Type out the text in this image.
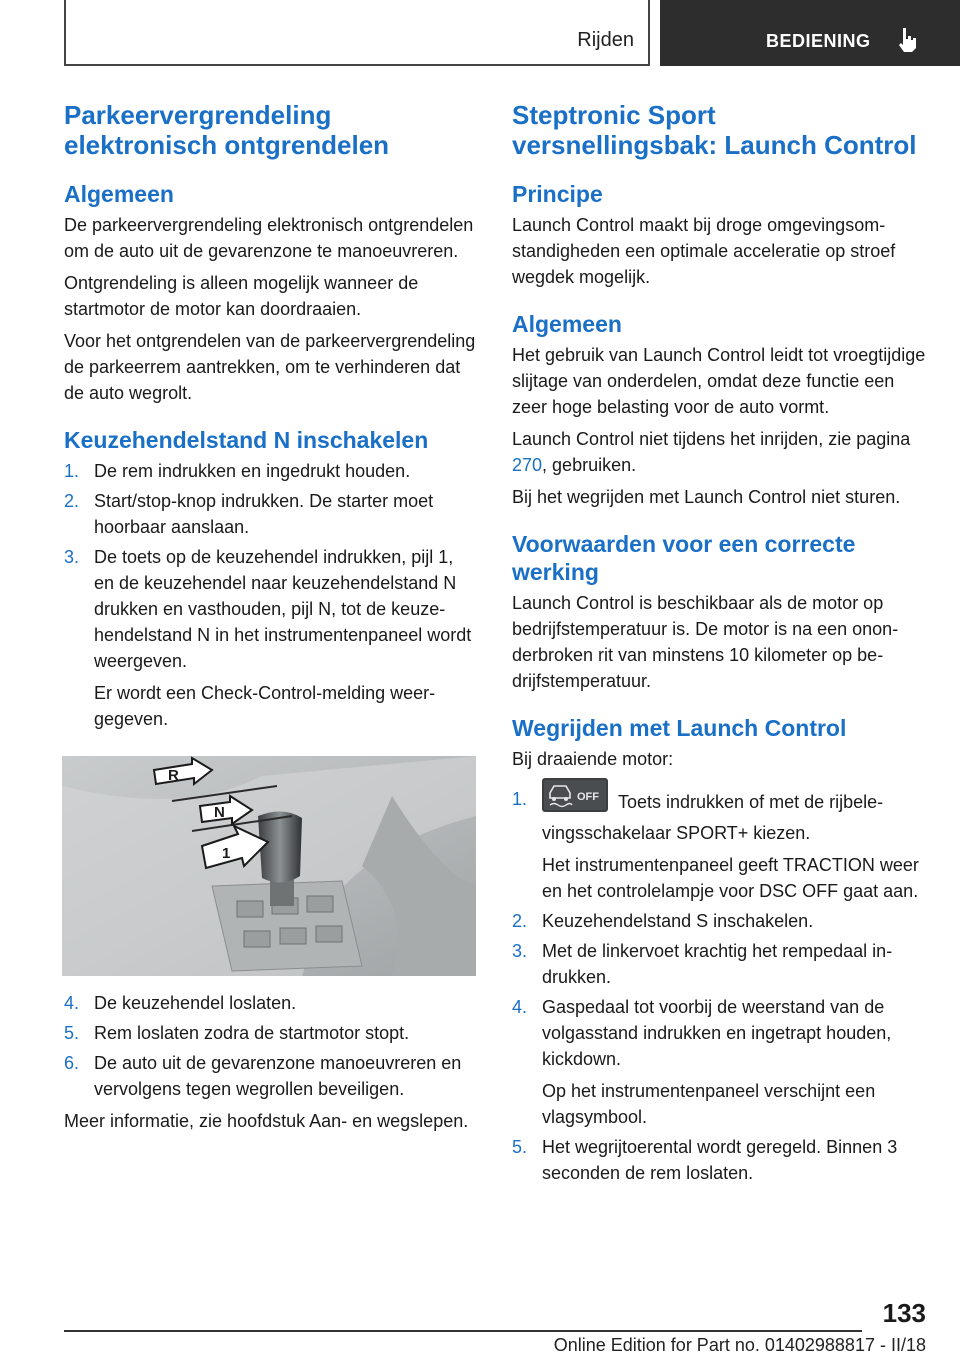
Rijden	BEDIENING
Parkeervergrendeling elektronisch ontgrendelen
Algemeen

De parkeervergrendeling elektronisch ontgrendelen om de auto uit de gevarenzone te manoeuvreren.

Ontgrendeling is alleen mogelijk wanneer de startmotor de motor kan doordraaien.

Voor het ontgrendelen van de parkeervergrendeling de parkeerrem aantrekken, om te verhinderen dat de auto wegrolt.

Keuzehendelstand N inschakelen
1. De rem indrukken en ingedrukt houden.
2. Start/stop-knop indrukken. De starter moet hoorbaar aanslaan.
3. De toets op de keuzehendel indrukken, pijl 1, en de keuzehendel naar keuzehendelstand N drukken en vasthouden, pijl N, tot de keuzehendelstand N in het instrumentenpaneel wordt weergeven.
Er wordt een Check-Control-melding weergegeven.
R
N
1
4. De keuzehendel loslaten.
5. Rem loslaten zodra de startmotor stopt.
6. De auto uit de gevarenzone manoeuvreren en vervolgens tegen wegrollen beveiligen.

Meer informatie, zie hoofdstuk Aan- en wegslepen.

Steptronic Sport versnellingsbak: Launch Control
Principe

Launch Control maakt bij droge omgevingsomstandigheden een optimale acceleratie op stroef wegdek mogelijk.

Algemeen

Het gebruik van Launch Control leidt tot vroegtijdige slijtage van onderdelen, omdat deze functie een zeer hoge belasting voor de auto vormt.

Launch Control niet tijdens het inrijden, zie pagina 270, gebruiken.

Bij het wegrijden met Launch Control niet sturen.

Voorwaarden voor een correcte werking

Launch Control is beschikbaar als de motor op bedrijfstemperatuur is. De motor is na een ononderbroken rit van minstens 10 kilometer op bedrijfstemperatuur.

Wegrijden met Launch Control

Bij draaiende motor:

1.	OFF Toets indrukken of met de rijbelevingsschakelaar SPORT+ kiezen.
Het instrumentenpaneel geeft TRACTION weer en het controlelampje voor DSC OFF gaat aan.
2. Keuzehendelstand S inschakelen.
3. Met de linkervoet krachtig het rempedaal indrukken.
4. Gaspedaal tot voorbij de weerstand van de volgasstand indrukken en ingetrapt houden, kickdown.
Op het instrumentenpaneel verschijnt een vlagsymbool.
5. Het wegrijtoerental wordt geregeld. Binnen 3 seconden de rem loslaten.
133
Online Edition for Part no. 01402988817 - II/18
